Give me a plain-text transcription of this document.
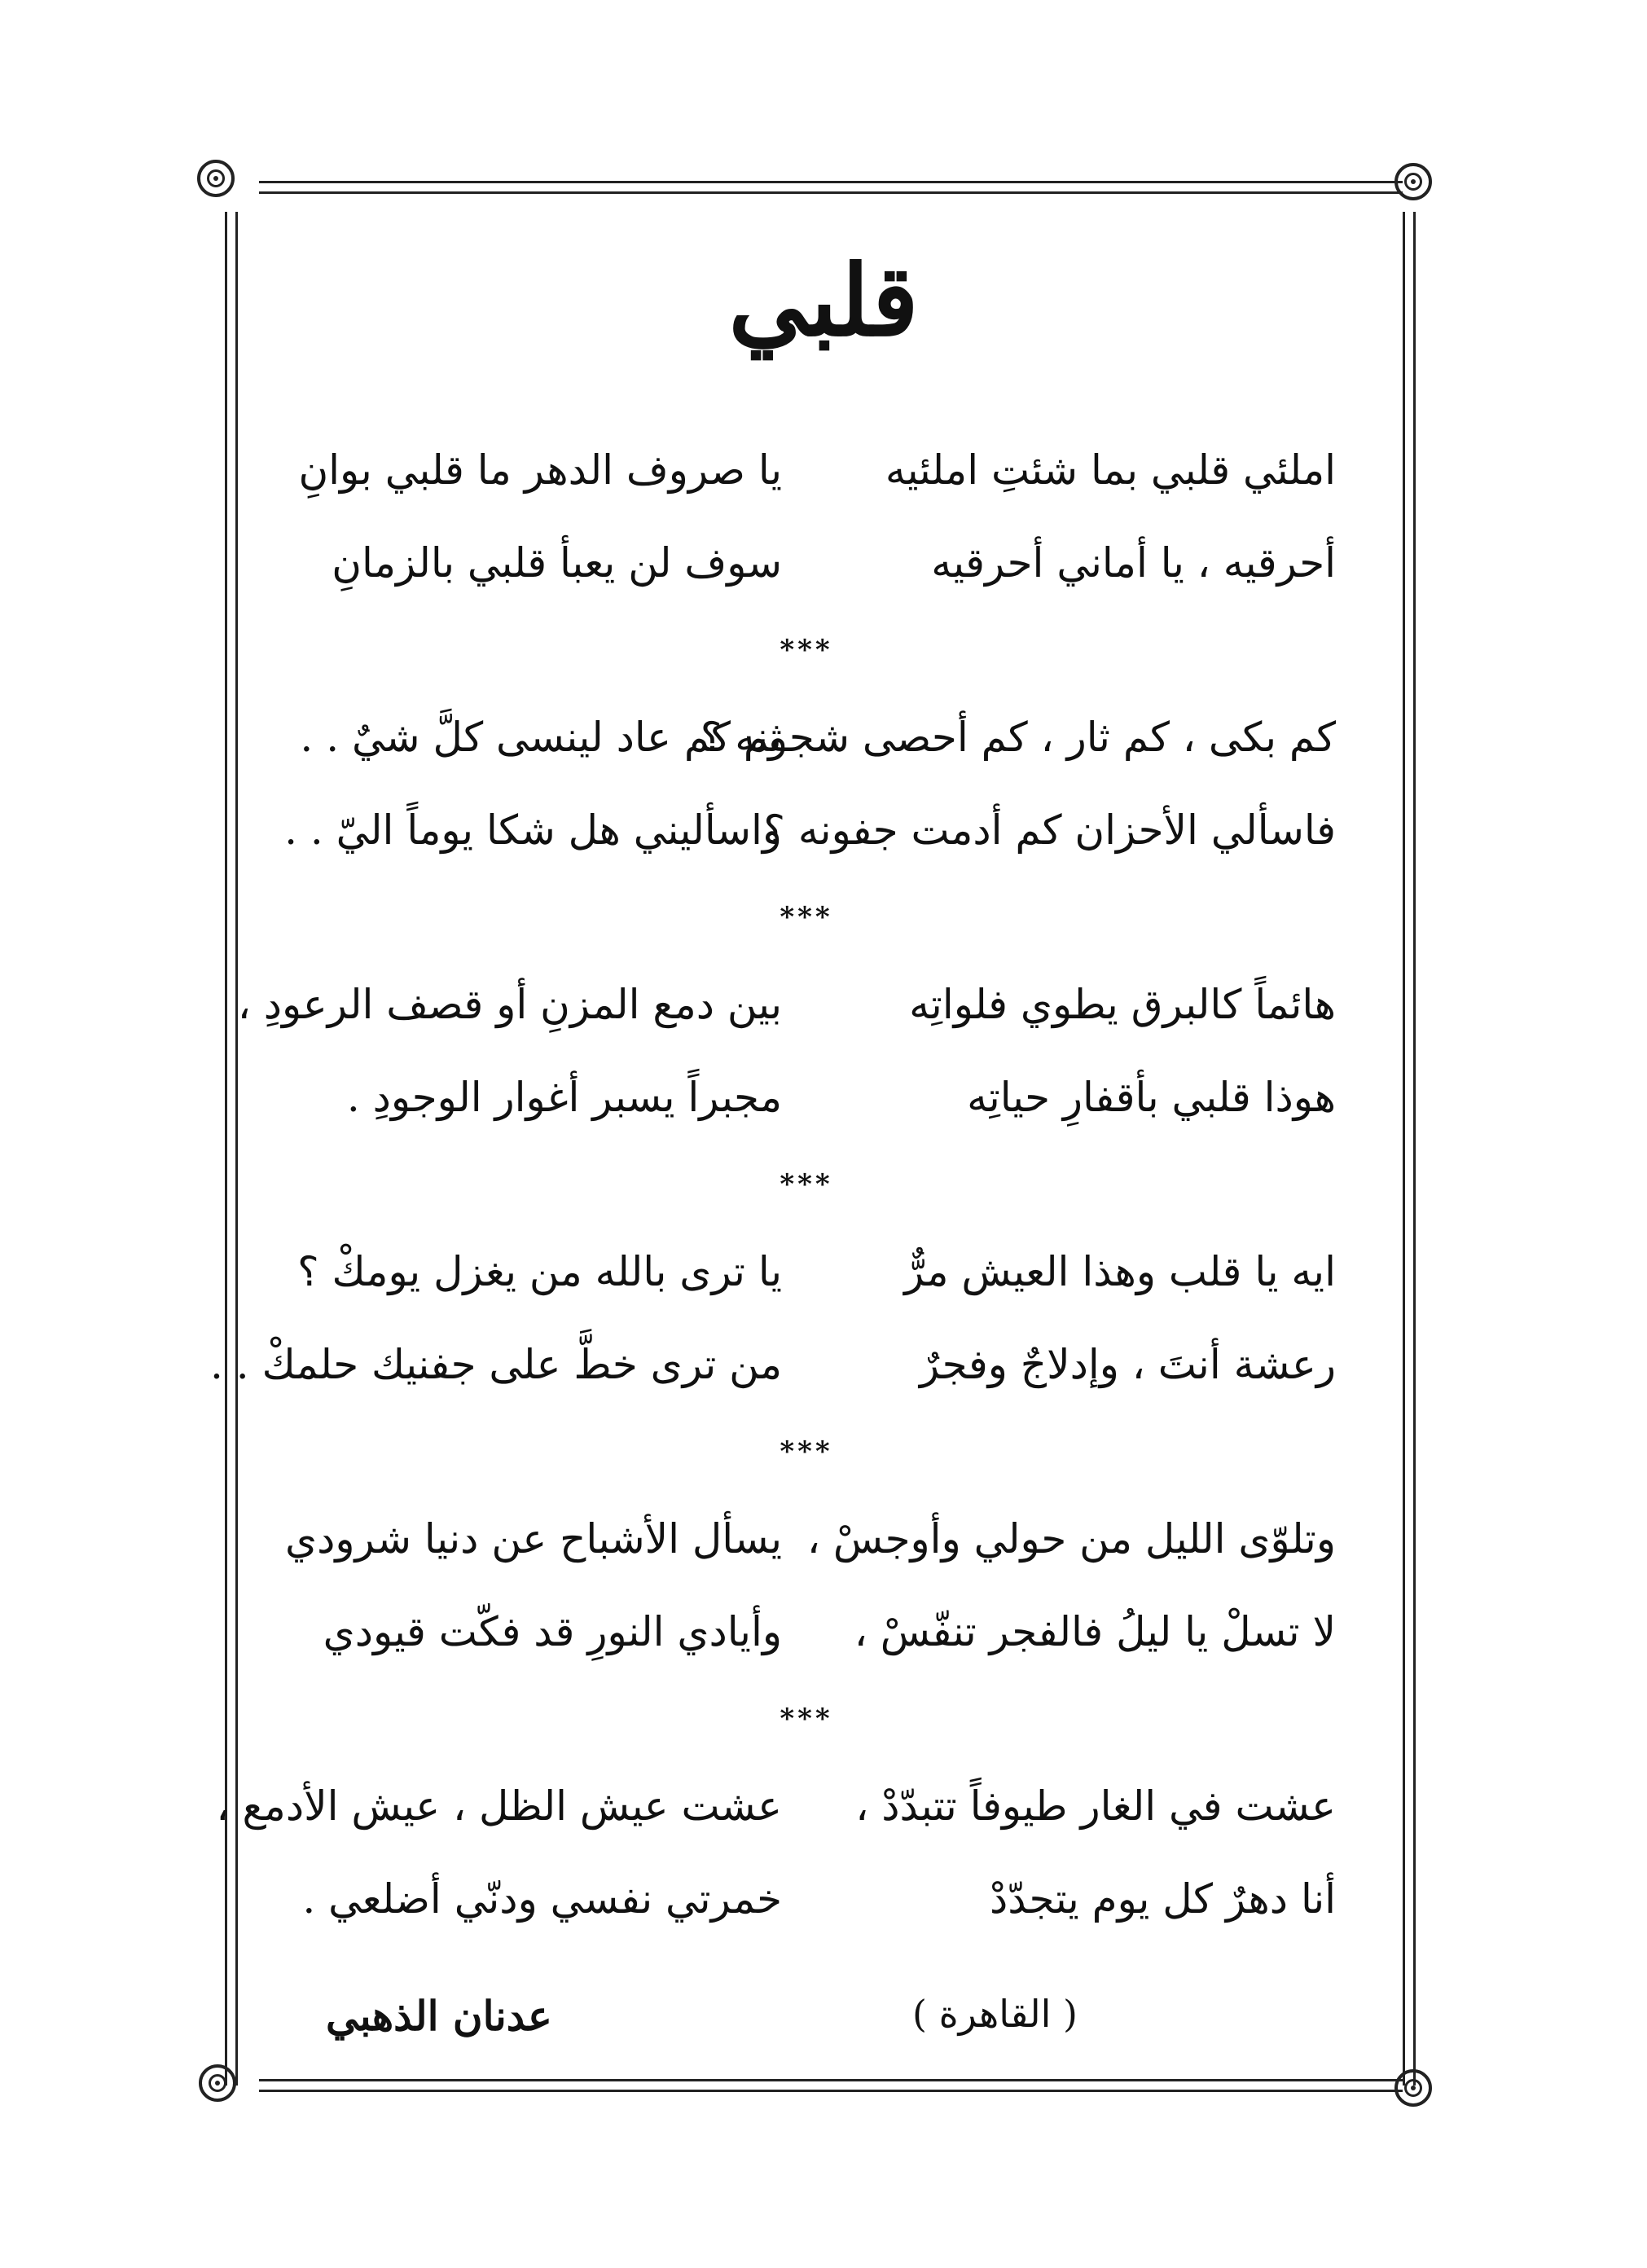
قلبي
املئي قلبي بما شئتِ املئيه
يا صروف الدهر ما قلبي بوانِ
أحرقيه ، يا أماني أحرقيه
سوف لن يعبأ قلبي بالزمانِ
***
كم بكى ، كم ثار ، كم أحصى شجونه ؟
ثم كم عاد لينسى كلَّ شيٌ . .
فاسألي الأحزان كم أدمت جفونه ؟
واسأليني هل شكا يوماً اليّ . .
***
هائماً كالبرق يطوي فلواتِه
بين دمع المزنِ أو قصف الرعودِ ،
هوذا قلبي بأقفارِ حياتِه
مجبراً يسبر أغوار الوجودِ .
***
ايه يا قلب وهذا العيش مرٌّ
يا ترى بالله من يغزل يومكْ ؟
رعشة أنتَ ، وإدلاجٌ وفجرٌ
من ترى خطَّ على جفنيك حلمكْ . .
***
وتلوّى الليل من حولي وأوجسْ ،
يسأل الأشباح عن دنيا شرودي
لا تسلْ يا ليلُ فالفجر تنفّسْ ،
وأيادي النورِ قد فكّت قيودي
***
عشت في الغار طيوفاً تتبدّدْ ،
عشت عيش الظل ، عيش الأدمع ،
أنا دهرٌ كل يوم يتجدّدْ
خمرتي نفسي ودنّي أضلعي .
( القاهرة )
عدنان الذهبي
